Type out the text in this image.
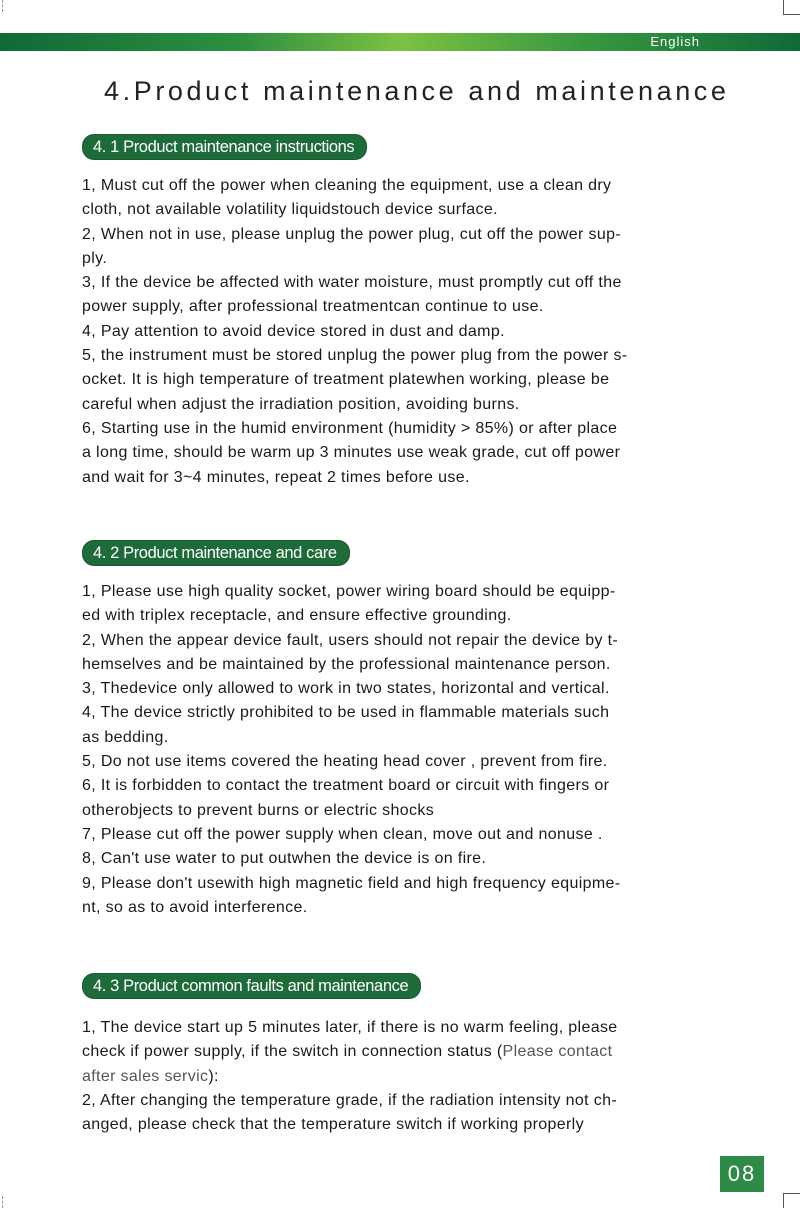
English
4.Product maintenance and maintenance
4. 1 Product maintenance instructions

1, Must cut off the power when cleaning the equipment, use a clean dry

cloth, not available volatility liquidstouch device surface.

2, When not in use, please unplug the power plug, cut off the power sup-

ply.

3, If the device be affected with water moisture, must promptly cut off the

power supply, after professional treatmentcan continue to use.

4, Pay attention to avoid device stored in dust and damp.

5, the instrument must be stored unplug the power plug from the power s-

ocket. It is high temperature of treatment platewhen working, please be

careful when adjust the irradiation position, avoiding burns.

6, Starting use in the humid environment (humidity > 85%) or after place

a long time, should be warm up 3 minutes use weak grade, cut off power

and wait for 3~4 minutes, repeat 2 times before use.

4. 2 Product maintenance and care

1, Please use high quality socket, power wiring board should be equipp-

ed with triplex receptacle, and ensure effective grounding.

2, When the appear device fault, users should not repair the device by t-

hemselves and be maintained by the professional maintenance person.

3, Thedevice only allowed to work in two states, horizontal and vertical.

4, The device strictly prohibited to be used in flammable materials such

as bedding.

5, Do not use items covered the heating head cover , prevent from fire.

6, It is forbidden to contact the treatment board or circuit with fingers or

otherobjects to prevent burns or electric shocks

7, Please cut off the power supply when clean, move out and nonuse .

8, Can't use water to put outwhen the device is on fire.

9, Please don't usewith high magnetic field and high frequency equipme-

nt, so as to avoid interference.

4. 3 Product common faults and maintenance

1, The device start up 5 minutes later, if there is no warm feeling, please

check if power supply, if the switch in connection status (Please contact

after sales servic):

2, After changing the temperature grade, if the radiation intensity not ch-

anged, please check that the temperature switch if working properly

08
